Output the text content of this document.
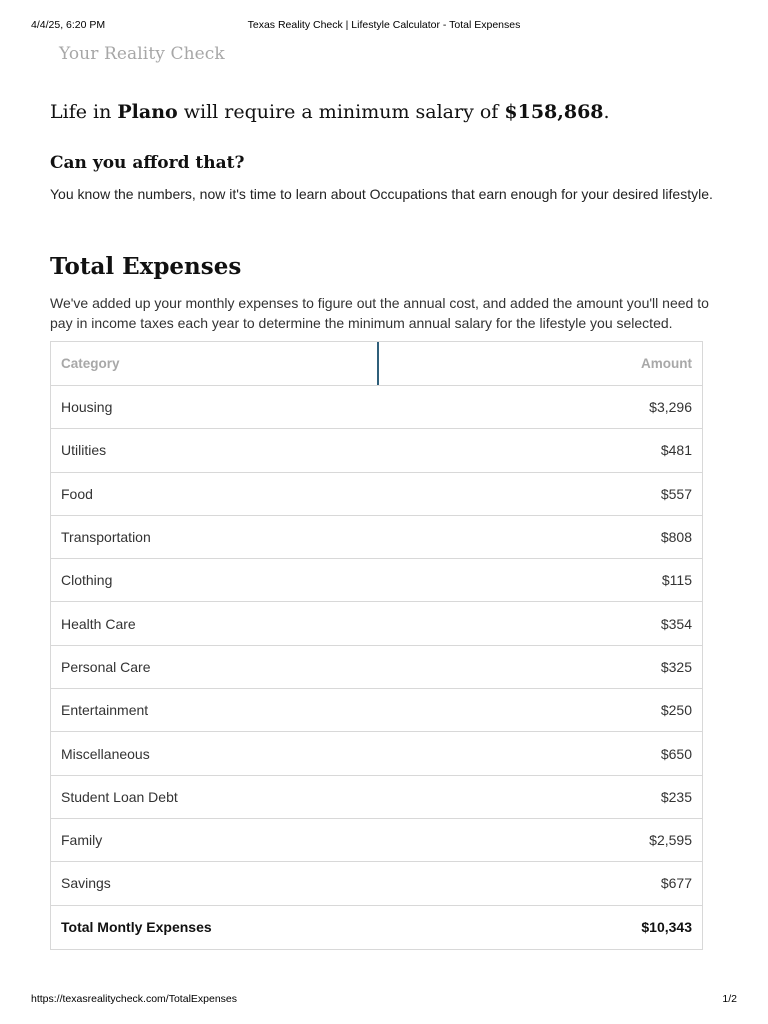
4/4/25, 6:20 PM	Texas Reality Check | Lifestyle Calculator - Total Expenses
Your Reality Check
Life in Plano will require a minimum salary of $158,868.
Can you afford that?
You know the numbers, now it's time to learn about Occupations that earn enough for your desired lifestyle.
Total Expenses
We've added up your monthly expenses to figure out the annual cost, and added the amount you'll need to pay in income taxes each year to determine the minimum annual salary for the lifestyle you selected.
Category	Amount
Housing	$3,296
Utilities	$481
Food	$557
Transportation	$808
Clothing	$115
Health Care	$354
Personal Care	$325
Entertainment	$250
Miscellaneous	$650
Student Loan Debt	$235
Family	$2,595
Savings	$677
Total Montly Expenses	$10,343
https://texasrealitycheck.com/TotalExpenses	1/2
